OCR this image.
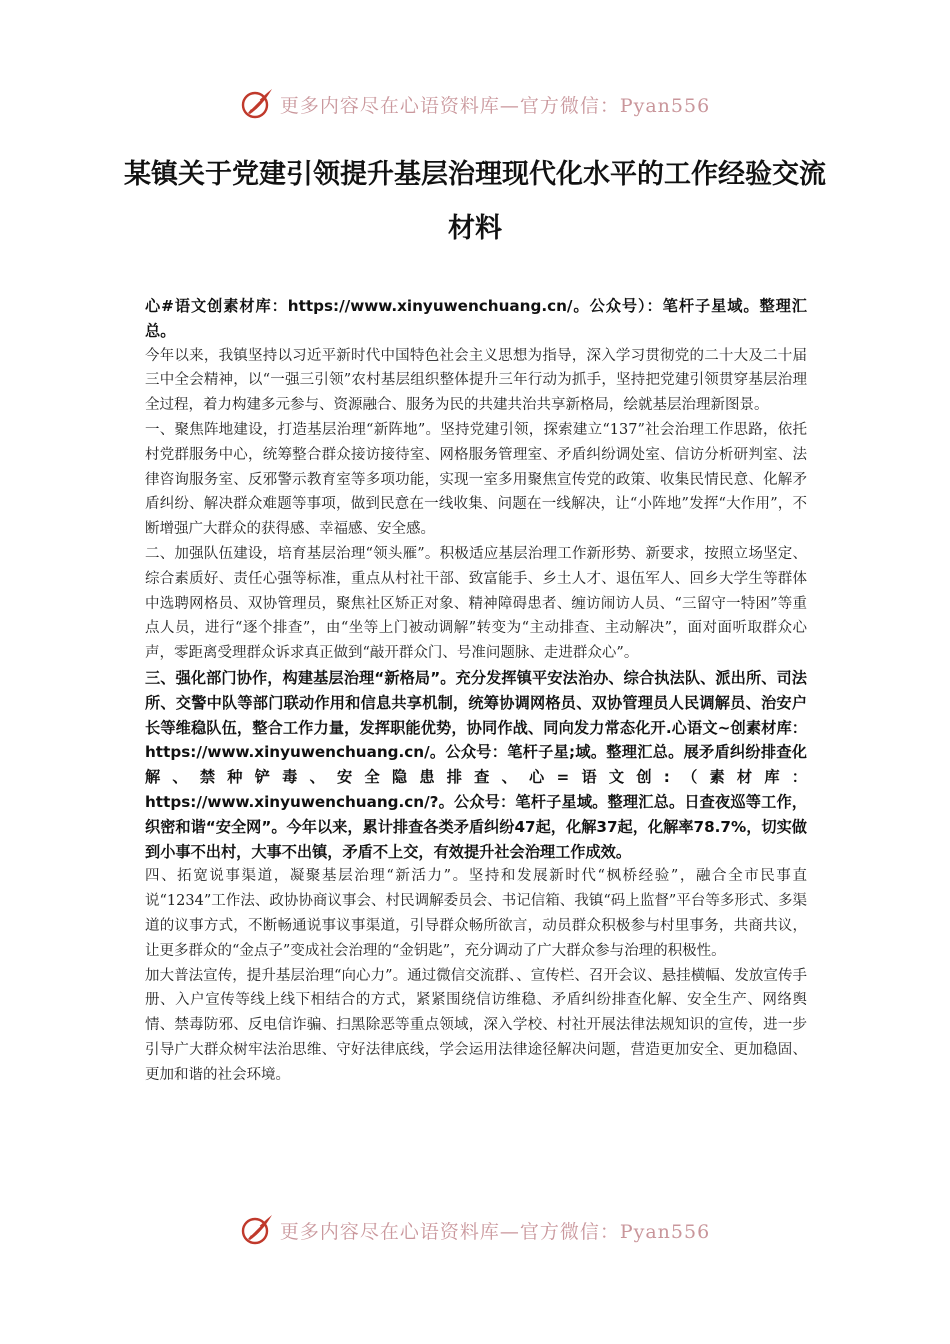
更多内容尽在心语资料库—官方微信：Pyan556
某镇关于党建引领提升基层治理现代化水平的工作经验交流材料

心#语文创素材库：https://www.xinyuwenchuang.cn/。公众号）：笔杆子星域。整理汇总。

今年以来，我镇坚持以习近平新时代中国特色社会主义思想为指导，深入学习贯彻党的二十大及二十届三中全会精神，以“一强三引领”农村基层组织整体提升三年行动为抓手，坚持把党建引领贯穿基层治理全过程，着力构建多元参与、资源融合、服务为民的共建共治共享新格局，绘就基层治理新图景。

一、聚焦阵地建设，打造基层治理“新阵地”。坚持党建引领，探索建立“137”社会治理工作思路，依托村党群服务中心，统筹整合群众接访接待室、网格服务管理室、矛盾纠纷调处室、信访分析研判室、法律咨询服务室、反邪警示教育室等多项功能，实现一室多用聚焦宣传党的政策、收集民情民意、化解矛盾纠纷、解决群众难题等事项，做到民意在一线收集、问题在一线解决，让“小阵地”发挥“大作用”，不断增强广大群众的获得感、幸福感、安全感。

二、加强队伍建设，培育基层治理“领头雁”。积极适应基层治理工作新形势、新要求，按照立场坚定、综合素质好、责任心强等标准，重点从村社干部、致富能手、乡土人才、退伍军人、回乡大学生等群体中选聘网格员、双协管理员，聚焦社区矫正对象、精神障碍患者、缠访闹访人员、“三留守一特困”等重点人员，进行“逐个排查”，由“坐等上门被动调解”转变为“主动排查、主动解决”，面对面听取群众心声，零距离受理群众诉求真正做到“敲开群众门、号准问题脉、走进群众心”。

三、强化部门协作，构建基层治理“新格局”。充分发挥镇平安法治办、综合执法队、派出所、司法所、交警中队等部门联动作用和信息共享机制，统筹协调网格员、双协管理员人民调解员、治安户长等维稳队伍，整合工作力量，发挥职能优势，协同作战、同向发力常态化开.心语文~创素材库：https://www.xinyuwenchuang.cn/。公众号：笔杆子星;域。整理汇总。展矛盾纠纷排查化解、禁种铲毒、安全隐患排查、心=语文创:（素材库：https://www.xinyuwenchuang.cn/?。公众号：笔杆子星域。整理汇总。日查夜巡等工作，织密和谐“安全网”。今年以来，累计排查各类矛盾纠纷47起，化解37起，化解率78.7%，切实做到小事不出村，大事不出镇，矛盾不上交，有效提升社会治理工作成效。

四、拓宽说事渠道，凝聚基层治理“新活力”。坚持和发展新时代“枫桥经验”，融合全市民事直说“1234”工作法、政协协商议事会、村民调解委员会、书记信箱、我镇“码上监督”平台等多形式、多渠道的议事方式，不断畅通说事议事渠道，引导群众畅所欲言，动员群众积极参与村里事务，共商共议，让更多群众的“金点子”变成社会治理的“金钥匙”，充分调动了广大群众参与治理的积极性。

加大普法宣传，提升基层治理“向心力”。通过微信交流群、、宣传栏、召开会议、悬挂横幅、发放宣传手册、入户宣传等线上线下相结合的方式，紧紧围绕信访维稳、矛盾纠纷排查化解、安全生产、网络舆情、禁毒防邪、反电信诈骗、扫黑除恶等重点领域，深入学校、村社开展法律法规知识的宣传，进一步引导广大群众树牢法治思维、守好法律底线，学会运用法律途径解决问题，营造更加安全、更加稳固、更加和谐的社会环境。

更多内容尽在心语资料库—官方微信：Pyan556
